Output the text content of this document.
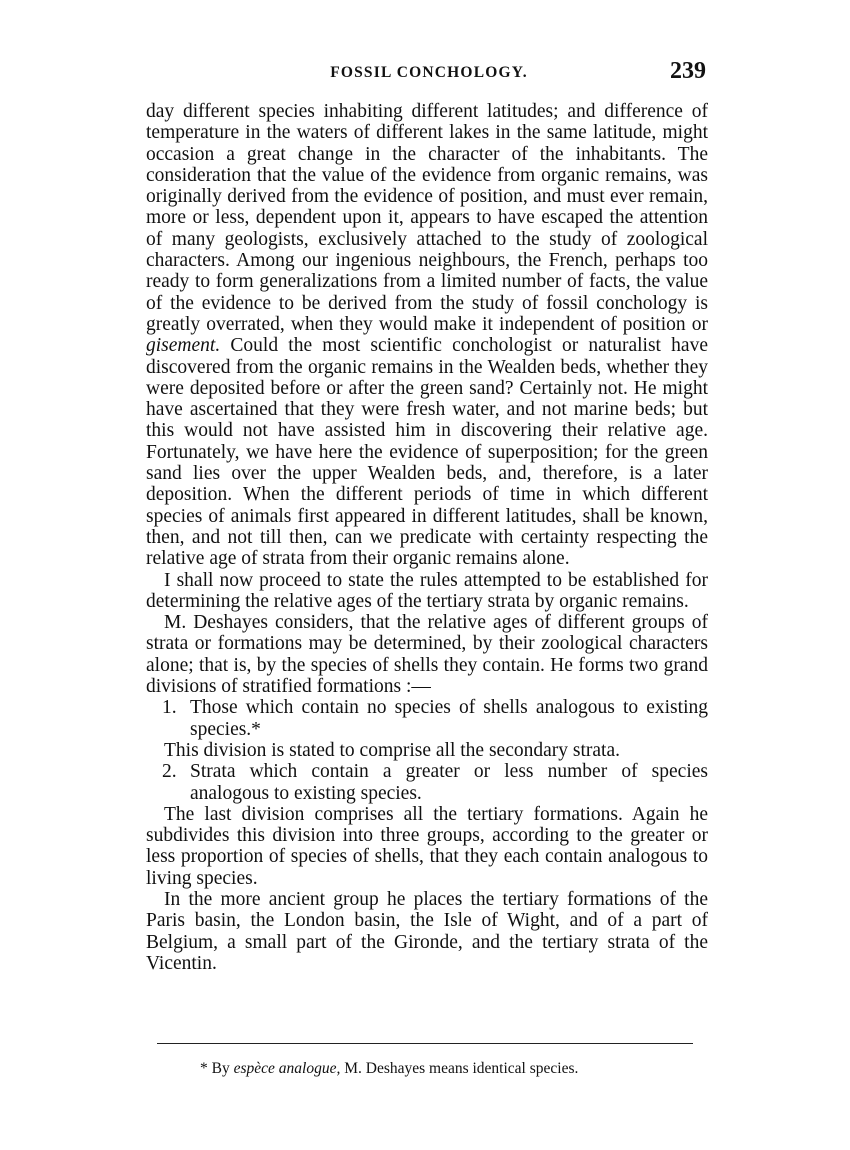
FOSSIL CONCHOLOGY.	239

day different species inhabiting different latitudes; and difference of temperature in the waters of different lakes in the same latitude, might occasion a great change in the character of the inhabitants. The consideration that the value of the evidence from organic remains, was originally derived from the evidence of position, and must ever remain, more or less, dependent upon it, appears to have escaped the attention of many geologists, exclusively attached to the study of zoological characters. Among our ingenious neighbours, the French, perhaps too ready to form generalizations from a limited number of facts, the value of the evidence to be derived from the study of fossil conchology is greatly overrated, when they would make it independent of position or gisement. Could the most scientific conchologist or naturalist have discovered from the organic remains in the Wealden beds, whether they were deposited before or after the green sand? Certainly not. He might have ascertained that they were fresh water, and not marine beds; but this would not have assisted him in discovering their relative age. Fortunately, we have here the evidence of superposition; for the green sand lies over the upper Wealden beds, and, therefore, is a later deposition. When the different periods of time in which different species of animals first appeared in different latitudes, shall be known, then, and not till then, can we predicate with certainty respecting the relative age of strata from their organic remains alone.

I shall now proceed to state the rules attempted to be established for determining the relative ages of the tertiary strata by organic remains.

M. Deshayes considers, that the relative ages of different groups of strata or formations may be determined, by their zoological characters alone; that is, by the species of shells they contain. He forms two grand divisions of stratified formations :—

1. Those which contain no species of shells analogous to existing species.*

This division is stated to comprise all the secondary strata.

2. Strata which contain a greater or less number of species analogous to existing species.

The last division comprises all the tertiary formations. Again he subdivides this division into three groups, according to the greater or less proportion of species of shells, that they each contain analogous to living species.

In the more ancient group he places the tertiary formations of the Paris basin, the London basin, the Isle of Wight, and of a part of Belgium, a small part of the Gironde, and the tertiary strata of the Vicentin.

* By espèce analogue, M. Deshayes means identical species.
